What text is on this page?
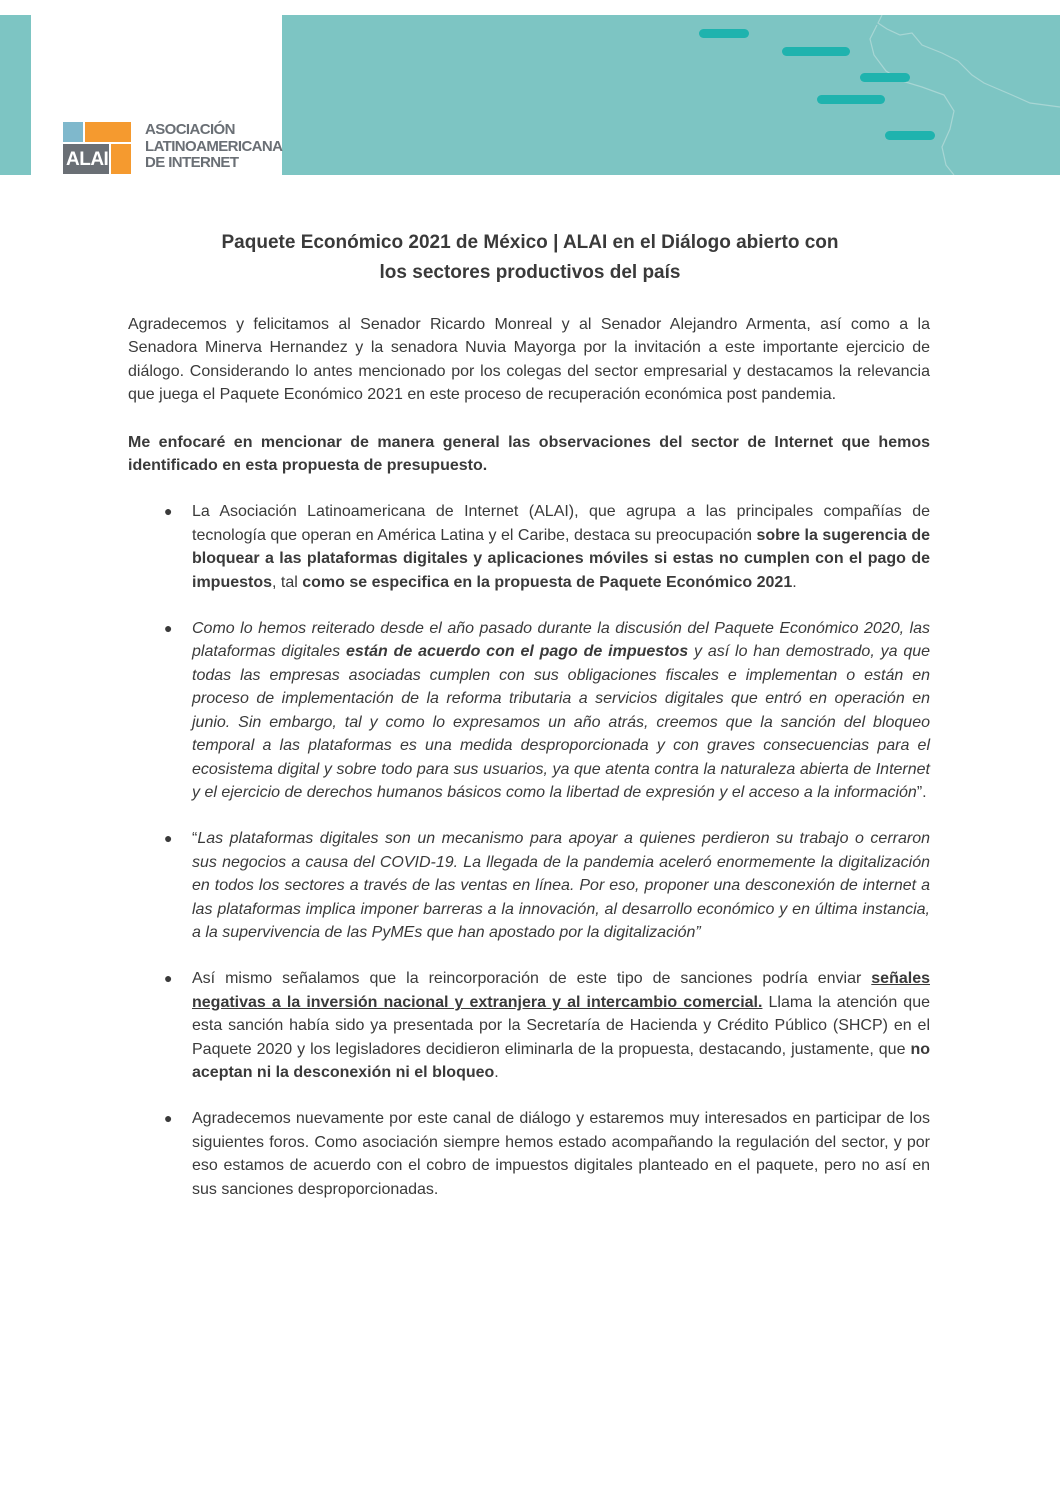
ALAI
ASOCIACIÓN
LATINOAMERICANA
DE INTERNET
Paquete Económico 2021 de México | ALAI en el Diálogo abierto con
los sectores productivos del país

Agradecemos y felicitamos al Senador Ricardo Monreal y al Senador Alejandro Armenta, así como a la Senadora Minerva Hernandez y la senadora Nuvia Mayorga por la invitación a este importante ejercicio de diálogo. Considerando lo antes mencionado por los colegas del sector empresarial y destacamos la relevancia que juega el Paquete Económico 2021 en este proceso de recuperación económica post pandemia.

Me enfocaré en mencionar de manera general las observaciones del sector de Internet que hemos identificado en esta propuesta de presupuesto.

● La Asociación Latinoamericana de Internet (ALAI), que agrupa a las principales compañías de tecnología que operan en América Latina y el Caribe, destaca su preocupación sobre la sugerencia de bloquear a las plataformas digitales y aplicaciones móviles si estas no cumplen con el pago de impuestos, tal como se especifica en la propuesta de Paquete Económico 2021.
● Como lo hemos reiterado desde el año pasado durante la discusión del Paquete Económico 2020, las plataformas digitales están de acuerdo con el pago de impuestos y así lo han demostrado, ya que todas las empresas asociadas cumplen con sus obligaciones fiscales e implementan o están en proceso de implementación de la reforma tributaria a servicios digitales que entró en operación en junio. Sin embargo, tal y como lo expresamos un año atrás, creemos que la sanción del bloqueo temporal a las plataformas es una medida desproporcionada y con graves consecuencias para el ecosistema digital y sobre todo para sus usuarios, ya que atenta contra la naturaleza abierta de Internet y el ejercicio de derechos humanos básicos como la libertad de expresión y el acceso a la información”.
● “Las plataformas digitales son un mecanismo para apoyar a quienes perdieron su trabajo o cerraron sus negocios a causa del COVID-19. La llegada de la pandemia aceleró enormemente la digitalización en todos los sectores a través de las ventas en línea. Por eso, proponer una desconexión de internet a las plataformas implica imponer barreras a la innovación, al desarrollo económico y en última instancia, a la supervivencia de las PyMEs que han apostado por la digitalización”
● Así mismo señalamos que la reincorporación de este tipo de sanciones podría enviar señales negativas a la inversión nacional y extranjera y al intercambio comercial. Llama la atención que esta sanción había sido ya presentada por la Secretaría de Hacienda y Crédito Público (SHCP) en el Paquete 2020 y los legisladores decidieron eliminarla de la propuesta, destacando, justamente, que no aceptan ni la desconexión ni el bloqueo.
● Agradecemos nuevamente por este canal de diálogo y estaremos muy interesados en participar de los siguientes foros. Como asociación siempre hemos estado acompañando la regulación del sector, y por eso estamos de acuerdo con el cobro de impuestos digitales planteado en el paquete, pero no así en sus sanciones desproporcionadas.
